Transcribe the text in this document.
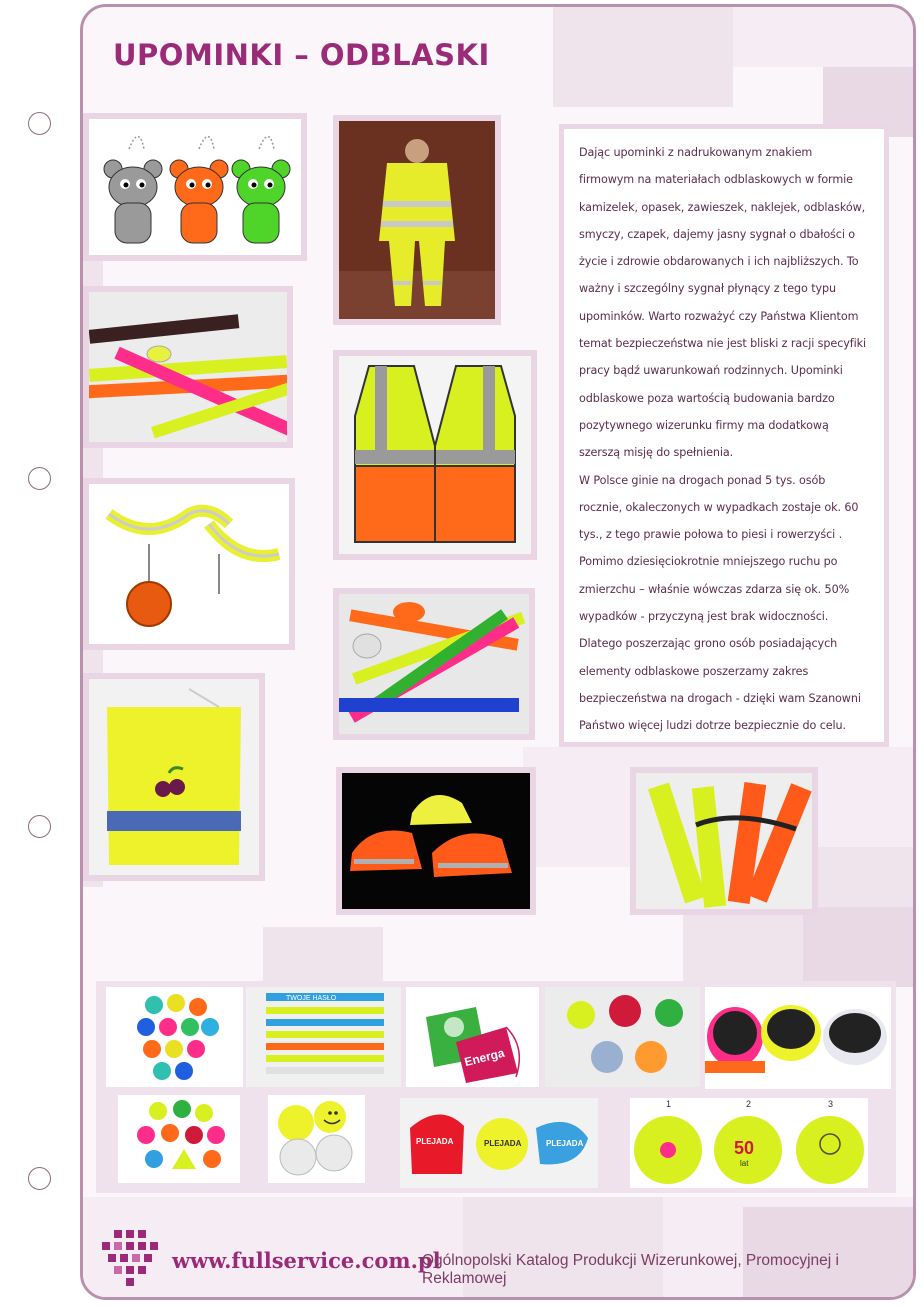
UPOMINKI – ODBLASKI

Dając upominki z nadrukowanym znakiem firmowym na materiałach odblaskowych w formie kamizelek, opasek, zawieszek, naklejek, odblasków, smyczy, czapek, dajemy jasny sygnał o dbałości o życie i zdrowie obdarowanych i ich najbliższych. To ważny i szczególny sygnał płynący z tego typu upominków. Warto rozważyć czy Państwa Klientom temat bezpieczeństwa nie jest bliski z racji specyfiki pracy bądź uwarunkowań rodzinnych. Upominki odblaskowe poza wartością budowania bardzo pozytywnego wizerunku firmy ma dodatkową szerszą misję do spełnienia.

W Polsce ginie na drogach ponad 5 tys. osób rocznie, okaleczonych w wypadkach zostaje ok. 60 tys., z tego prawie połowa to piesi i rowerzyści . Pomimo dziesięciokrotnie mniejszego ruchu po zmierzchu – właśnie wówczas zdarza się ok. 50% wypadków - przyczyną jest brak widoczności. Dlatego poszerzając grono osób posiadających elementy odblaskowe poszerzamy zakres bezpieczeństwa na drogach - dzięki wam Szanowni Państwo więcej ludzi dotrze bezpiecznie do celu.

TWOJE HASŁO
Energa
PLEJADA	PLEJADA	PLEJADA
1	2	3
50
lat
www.fullservice.com.pl
Ogólnopolski Katalog Produkcji Wizerunkowej, Promocyjnej i Reklamowej
